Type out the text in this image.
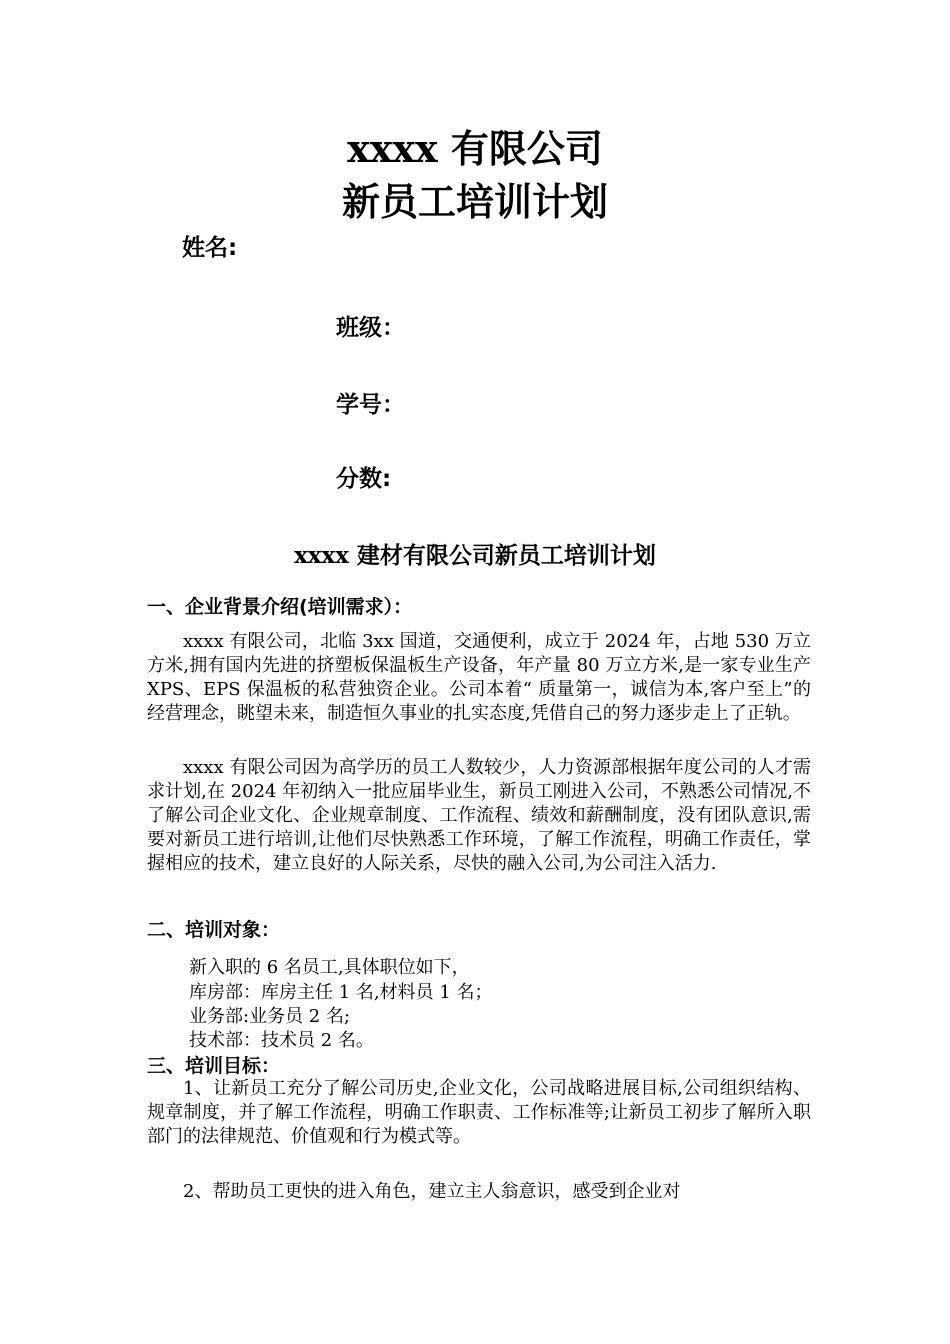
xxxx 有限公司
新员工培训计划

姓名:

班级：

学号：

分数:

xxxx 建材有限公司新员工培训计划
一、企业背景介绍(培训需求）：

xxxx 有限公司，北临 3xx 国道，交通便利，成立于 2024 年，占地 530 万立方米,拥有国内先进的挤塑板保温板生产设备，年产量 80 万立方米,是一家专业生产 XPS、EPS 保温板的私营独资企业。公司本着“ 质量第一，诚信为本,客户至上”的经营理念，眺望未来，制造恒久事业的扎实态度,凭借自己的努力逐步走上了正轨。

xxxx 有限公司因为高学历的员工人数较少，人力资源部根据年度公司的人才需求计划,在 2024 年初纳入一批应届毕业生，新员工刚进入公司，不熟悉公司情况,不了解公司企业文化、企业规章制度、工作流程、绩效和薪酬制度，没有团队意识,需要对新员工进行培训,让他们尽快熟悉工作环境，了解工作流程，明确工作责任，掌握相应的技术，建立良好的人际关系，尽快的融入公司,为公司注入活力.

二、培训对象：

新入职的 6 名员工,具体职位如下，

库房部：库房主任 1 名,材料员 1 名；

业务部:业务员 2 名;

技术部：技术员 2 名。

三、培训目标：

1、让新员工充分了解公司历史,企业文化，公司战略进展目标,公司组织结构、规章制度，并了解工作流程，明确工作职责、工作标准等;让新员工初步了解所入职部门的法律规范、价值观和行为模式等。

2、帮助员工更快的进入角色，建立主人翁意识，感受到企业对
